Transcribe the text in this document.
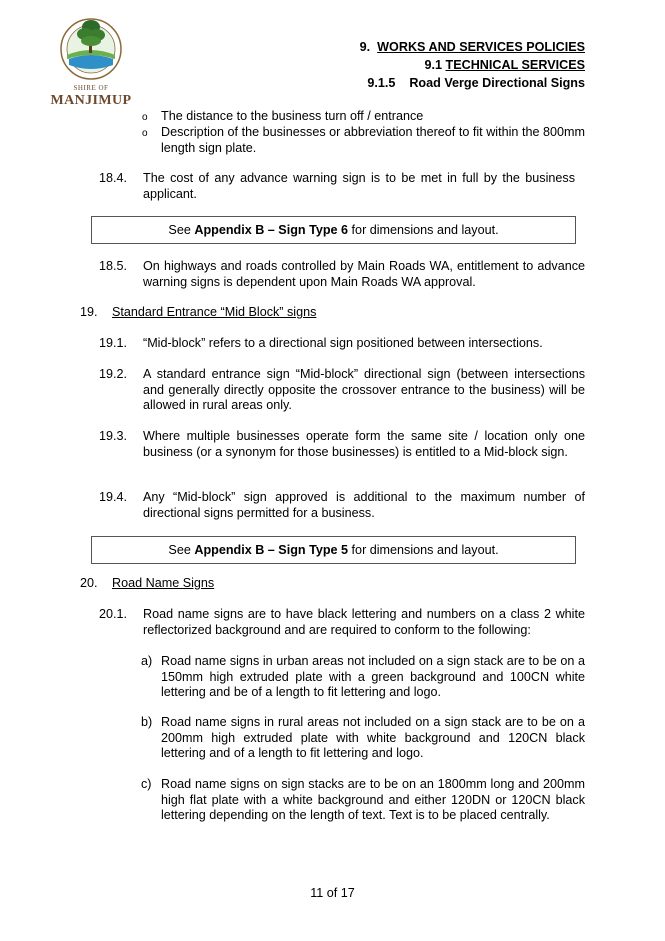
SHIRE OF
MANJIMUP
9. WORKS AND SERVICES POLICIES
9.1 TECHNICAL SERVICES
9.1.5    Road Verge Directional Signs
o The distance to the business turn off / entrance
o Description of the businesses or abbreviation thereof to fit within the 800mm length sign plate.
18.4. The cost of any advance warning sign is to be met in full by the business applicant.
See Appendix B – Sign Type 6 for dimensions and layout.
18.5. On highways and roads controlled by Main Roads WA, entitlement to advance warning signs is dependent upon Main Roads WA approval.
19. Standard Entrance “Mid Block” signs
19.1. “Mid-block” refers to a directional sign positioned between intersections.
19.2. A standard entrance sign “Mid-block” directional sign (between intersections and generally directly opposite the crossover entrance to the business) will be allowed in rural areas only.
19.3. Where multiple businesses operate form the same site / location only one business (or a synonym for those businesses) is entitled to a Mid-block sign.
19.4. Any “Mid-block” sign approved is additional to the maximum number of directional signs permitted for a business.
See Appendix B – Sign Type 5 for dimensions and layout.
20. Road Name Signs
20.1. Road name signs are to have black lettering and numbers on a class 2 white reflectorized background and are required to conform to the following:
a) Road name signs in urban areas not included on a sign stack are to be on a 150mm high extruded plate with a green background and 100CN white lettering and be of a length to fit lettering and logo.
b) Road name signs in rural areas not included on a sign stack are to be on a 200mm high extruded plate with white background and 120CN black lettering and of a length to fit lettering and logo.
c) Road name signs on sign stacks are to be on an 1800mm long and 200mm high flat plate with a white background and either 120DN or 120CN black lettering depending on the length of text. Text is to be placed centrally.
11 of 17
